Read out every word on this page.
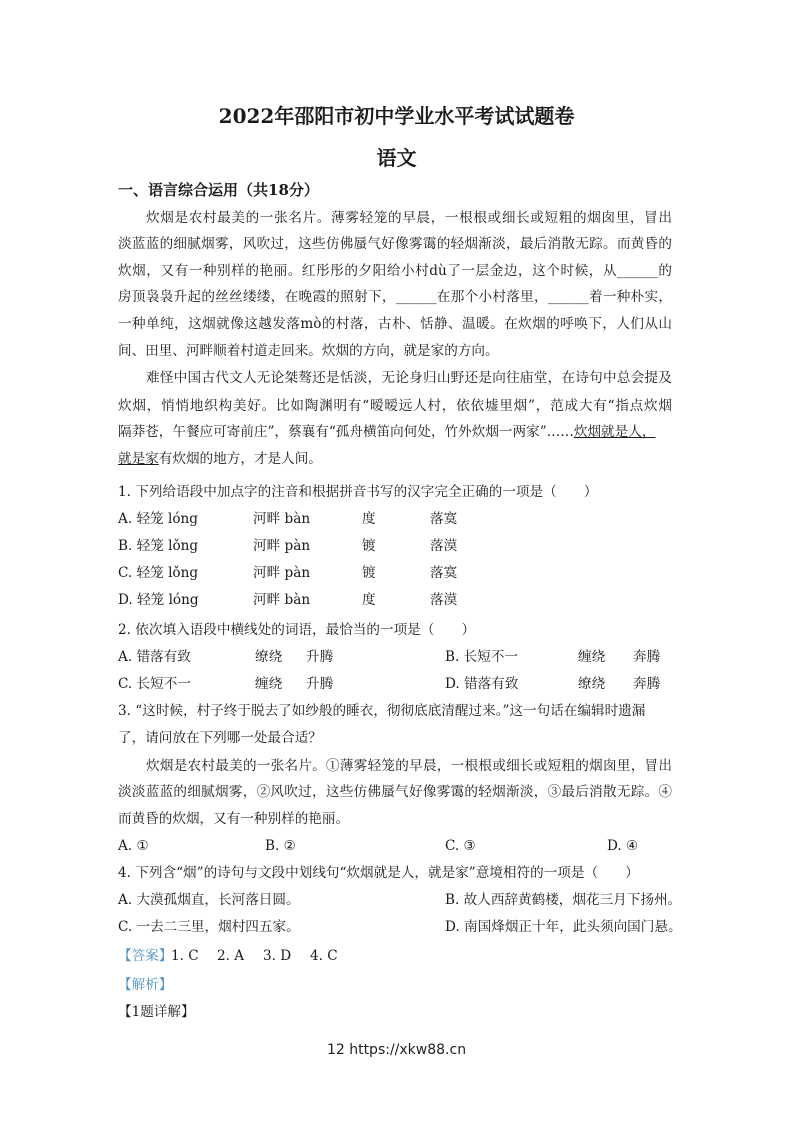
2022年邵阳市初中学业水平考试试题卷
语文
一、语言综合运用（共18分）
炊烟是农村最美的一张名片。薄雾轻笼的早晨，一根根或细长或短粗的烟囱里，冒出
淡蓝蓝的细腻烟雾，风吹过，这些仿佛蜃气好像雾霭的轻烟渐淡，最后消散无踪。而黄昏的
炊烟，又有一种别样的艳丽。红彤彤的夕阳给小村dù了一层金边，这个时候，从______的
房顶袅袅升起的丝丝缕缕，在晚霞的照射下，______在那个小村落里，______着一种朴实，
一种单纯，这烟就像这越发落mò的村落，古朴、恬静、温暖。在炊烟的呼唤下，人们从山
间、田里、河畔顺着村道走回来。炊烟的方向，就是家的方向。
难怪中国古代文人无论桀骜还是恬淡，无论身归山野还是向往庙堂，在诗句中总会提及
炊烟，悄悄地织构美好。比如陶渊明有“暧暧远人村，依依墟里烟”，范成大有“指点炊烟
隔莽苍，午餐应可寄前庄”，蔡襄有“孤舟横笛向何处，竹外炊烟一两家”……炊烟就是人，
就是家有炊烟的地方，才是人间。
1. 下列给语段中加点字的注音和根据拼音书写的汉字完全正确的一项是（　　）
A. 轻笼 lóng	河畔 bàn	度	落寞
B. 轻笼 lǒng	河畔 pàn	镀	落漠
C. 轻笼 lǒng	河畔 pàn	镀	落寞
D. 轻笼 lóng	河畔 bàn	度	落漠
2. 依次填入语段中横线处的词语，最恰当的一项是（　　）
A. 错落有致	缭绕 升腾	B. 长短不一	缠绕 奔腾
C. 长短不一	缠绕 升腾	D. 错落有致	缭绕 奔腾
3. “这时候，村子终于脱去了如纱般的睡衣，彻彻底底清醒过来。”这一句话在编辑时遗漏
了，请问放在下列哪一处最合适？
炊烟是农村最美的一张名片。①薄雾轻笼的早晨，一根根或细长或短粗的烟囱里，冒出
淡淡蓝蓝的细腻烟雾，②风吹过，这些仿佛蜃气好像雾霭的轻烟渐淡，③最后消散无踪。④
而黄昏的炊烟，又有一种别样的艳丽。
A. ①	B. ②	C. ③	D. ④
4. 下列含“烟”的诗句与文段中划线句“炊烟就是人，就是家”意境相符的一项是（　　）
A. 大漠孤烟直，长河落日圆。	B. 故人西辞黄鹤楼，烟花三月下扬州。
C. 一去二三里，烟村四五家。	D. 南国烽烟正十年，此头须向国门悬。
【答案】
1. C 2. A 3. D 4. C
【解析】
【1题详解】
12 https://xkw88.cn
